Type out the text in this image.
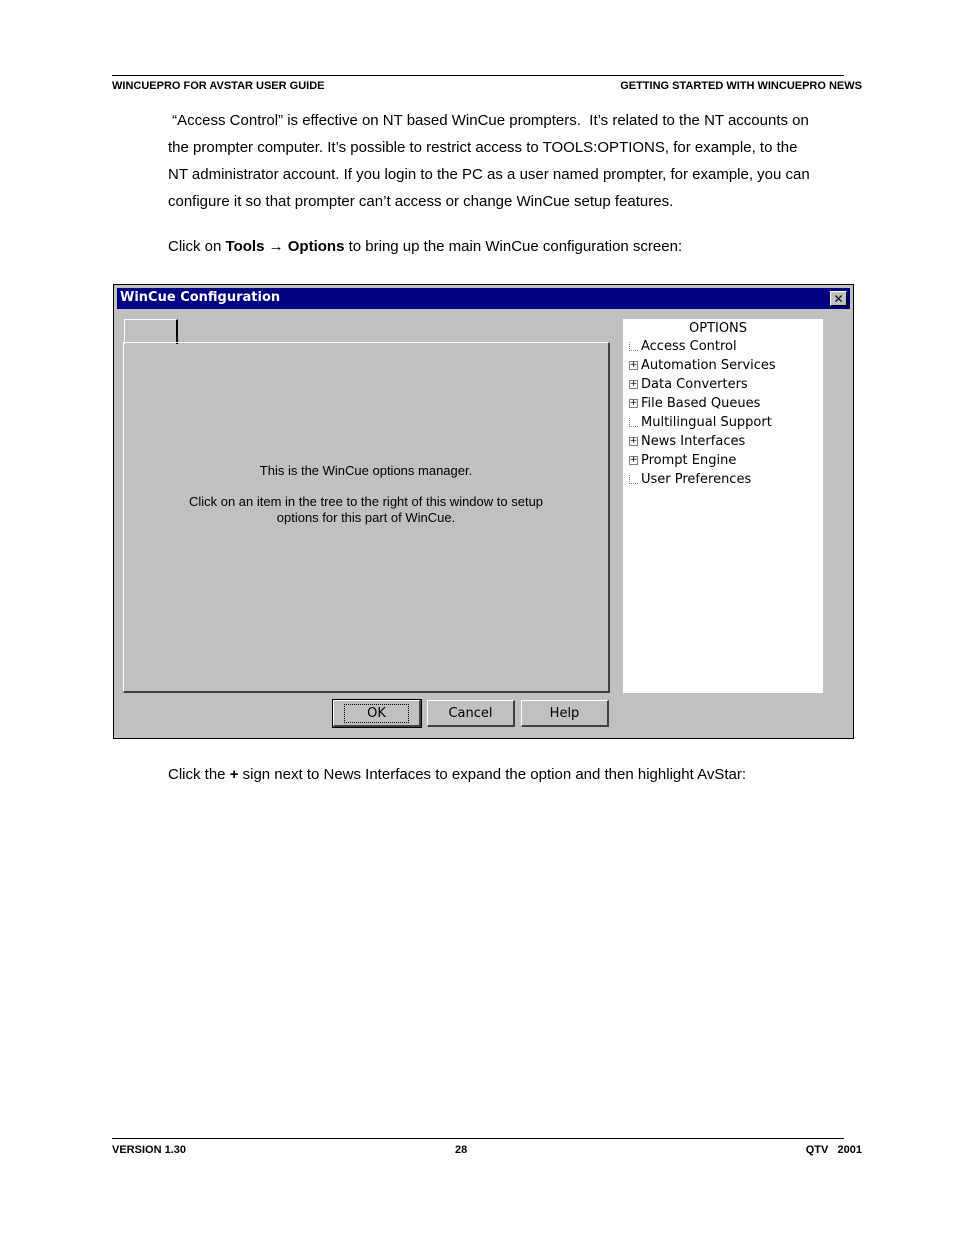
WINCUEPRO FOR AVSTAR USER GUIDE	GETTING STARTED WITH WINCUEPRO NEWS
“Access Control” is effective on NT based WinCue prompters.  It’s related to the NT accounts on
the prompter computer. It’s possible to restrict access to TOOLS:OPTIONS, for example, to the
NT administrator account. If you login to the PC as a user named prompter, for example, you can
configure it so that prompter can’t access or change WinCue setup features.
Click on Tools → Options to bring up the main WinCue configuration screen:
WinCue Configuration	✕
This is the WinCue options manager.
Click on an item in the tree to the right of this window to setup
options for this part of WinCue.
OPTIONS
Access Control
+ Automation Services
+ Data Converters
+ File Based Queues
Multilingual Support
+ News Interfaces
+ Prompt Engine
User Preferences
OK	Cancel	Help
Click the + sign next to News Interfaces to expand the option and then highlight AvStar:
VERSION 1.30	28	QTV   2001
